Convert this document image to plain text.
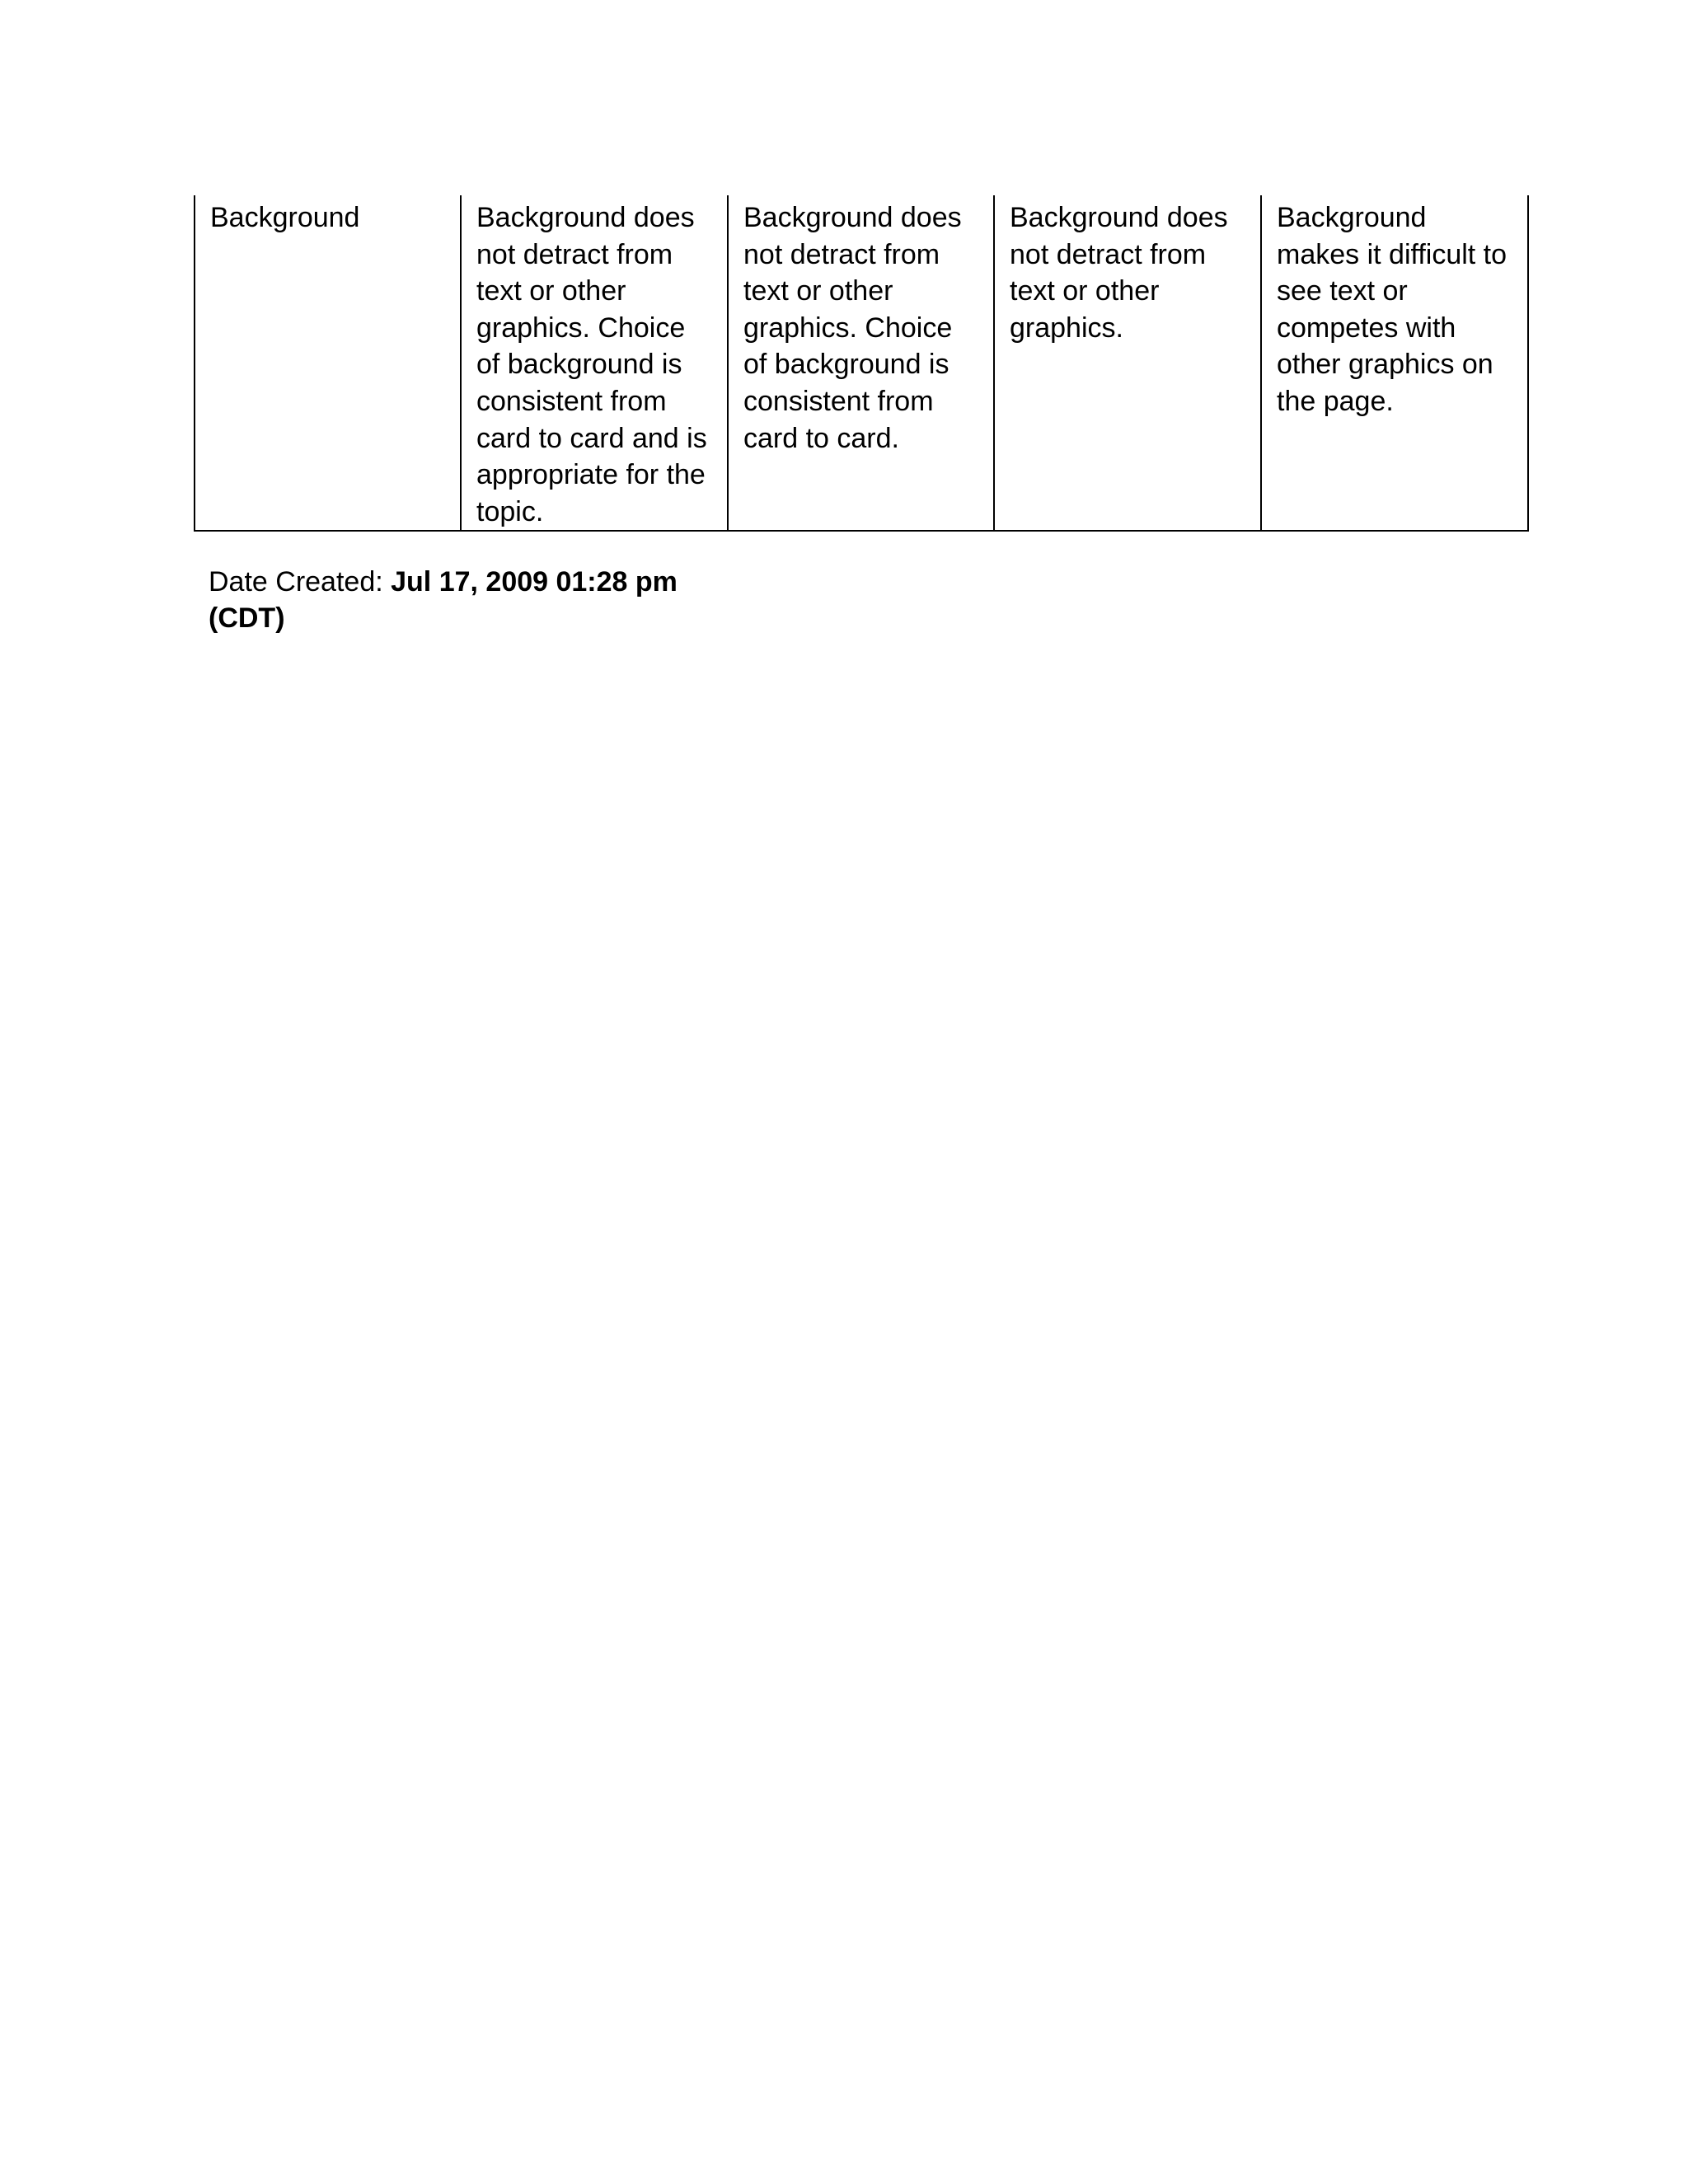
Background	Background does not detract from text or other graphics. Choice of background is consistent from card to card and is appropriate for the topic.	Background does not detract from text or other graphics. Choice of background is consistent from card to card.	Background does not detract from text or other graphics.	Background makes it difficult to see text or competes with other graphics on the page.
Date Created: Jul 17, 2009 01:28 pm (CDT)
